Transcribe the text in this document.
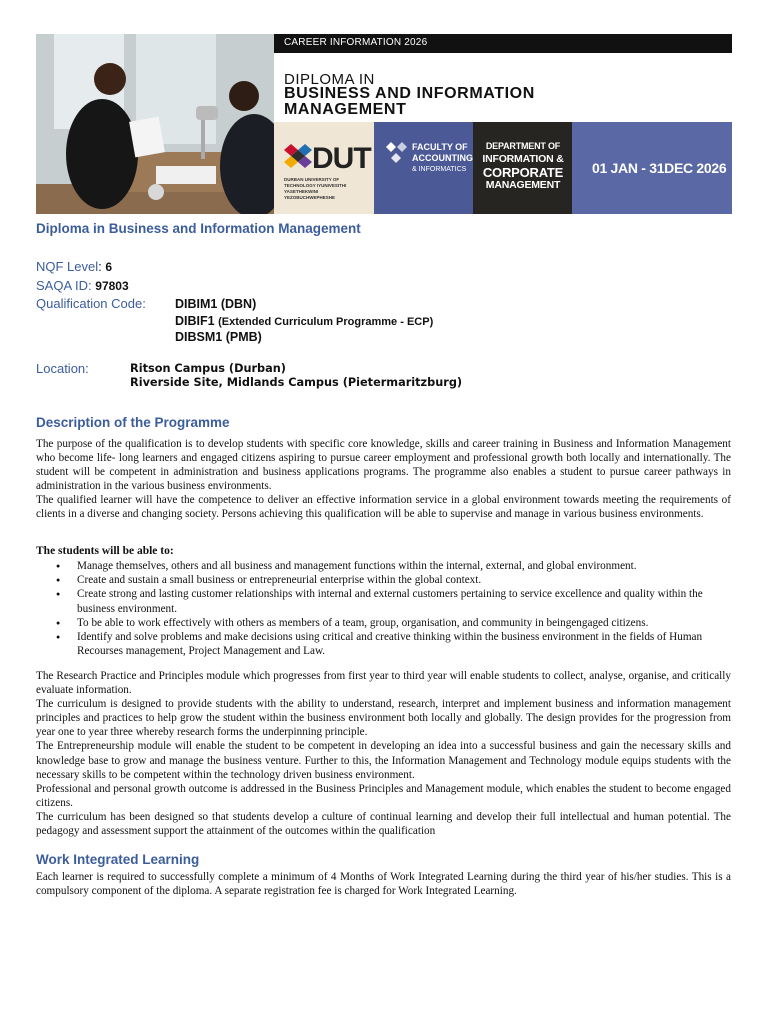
CAREER INFORMATION 2026
DIPLOMA IN
BUSINESS AND INFORMATION
MANAGEMENT
DUT
DURBAN UNIVERSITY OF TECHNOLOGY IYUNIVESITHI YASETHEKWINI YEZOBUCHWEPHESHE
FACULTY OF
ACCOUNTING
& INFORMATICS
DEPARTMENT OF
INFORMATION &
CORPORATE
MANAGEMENT
01 JAN - 31DEC 2026
Diploma in Business and Information Management
NQF Level: 6
SAQA ID: 97803
Qualification Code: DIBIM1 (DBN)
DIBIF1 (Extended Curriculum Programme - ECP)
DIBSM1 (PMB)
Location:	Ritson Campus (Durban)
Riverside Site, Midlands Campus (Pietermaritzburg)
Description of the Programme

The purpose of the qualification is to develop students with specific core knowledge, skills and career training in Business and Information Management who become life- long learners and engaged citizens aspiring to pursue career employment and professional growth both locally and internationally. The student will be competent in administration and business applications programs. The programme also enables a student to pursue career pathways in administration in the various business environments.

The qualified learner will have the competence to deliver an effective information service in a global environment towards meeting the requirements of clients in a diverse and changing society. Persons achieving this qualification will be able to supervise and manage in various business environments.

The students will be able to:
● Manage themselves, others and all business and management functions within the internal, external, and global environment.
● Create and sustain a small business or entrepreneurial enterprise within the global context.
● Create strong and lasting customer relationships with internal and external customers pertaining to service excellence and quality within the business environment.
● To be able to work effectively with others as members of a team, group, organisation, and community in beingengaged citizens.
● Identify and solve problems and make decisions using critical and creative thinking within the business environment in the fields of Human Recourses management, Project Management and Law.

The Research Practice and Principles module which progresses from first year to third year will enable students to collect, analyse, organise, and critically evaluate information.

The curriculum is designed to provide students with the ability to understand, research, interpret and implement business and information management principles and practices to help grow the student within the business environment both locally and globally. The design provides for the progression from year one to year three whereby research forms the underpinning principle.

The Entrepreneurship module will enable the student to be competent in developing an idea into a successful business and gain the necessary skills and knowledge base to grow and manage the business venture. Further to this, the Information Management and Technology module equips students with the necessary skills to be competent within the technology driven business environment.

Professional and personal growth outcome is addressed in the Business Principles and Management module, which enables the student to become engaged citizens.

The curriculum has been designed so that students develop a culture of continual learning and develop their full intellectual and human potential. The pedagogy and assessment support the attainment of the outcomes within the qualification

Work Integrated Learning
Each learner is required to successfully complete a minimum of 4 Months of Work Integrated Learning during the third year of his/her studies. This is a compulsory component of the diploma. A separate registration fee is charged for Work Integrated Learning.
